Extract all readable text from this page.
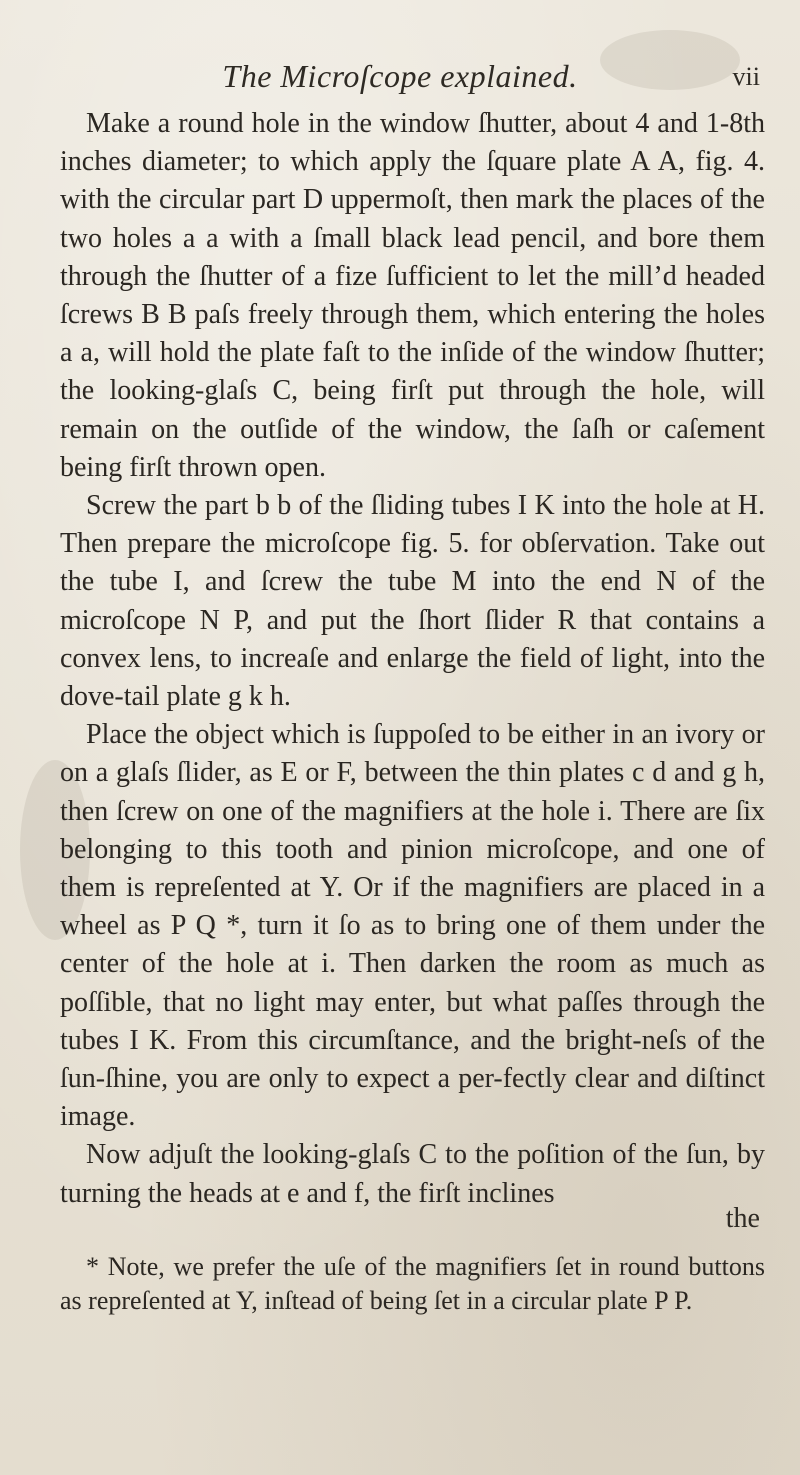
The Microſcope explained.	vii

Make a round hole in the window ſhutter, about 4 and 1-8th inches diameter; to which apply the ſquare plate A A, fig. 4. with the circular part D uppermoſt, then mark the places of the two holes a a with a ſmall black lead pencil, and bore them through the ſhutter of a fize ſufficient to let the mill’d headed ſcrews B B paſs freely through them, which entering the holes a a, will hold the plate faſt to the inſide of the window ſhutter; the looking-glaſs C, being firſt put through the hole, will remain on the outſide of the window, the ſaſh or caſement being firſt thrown open.

Screw the part b b of the ſliding tubes I K into the hole at H. Then prepare the microſcope fig. 5. for obſervation. Take out the tube I, and ſcrew the tube M into the end N of the microſcope N P, and put the ſhort ſlider R that contains a convex lens, to increaſe and enlarge the field of light, into the dove-tail plate g k h.

Place the object which is ſuppoſed to be either in an ivory or on a glaſs ſlider, as E or F, between the thin plates c d and g h, then ſcrew on one of the magnifiers at the hole i. There are ſix belonging to this tooth and pinion microſcope, and one of them is repreſented at Y. Or if the magnifiers are placed in a wheel as P Q *, turn it ſo as to bring one of them under the center of the hole at i. Then darken the room as much as poſſible, that no light may enter, but what paſſes through the tubes I K. From this circumſtance, and the bright-neſs of the ſun-ſhine, you are only to expect a per-fectly clear and diſtinct image.

Now adjuſt the looking-glaſs C to the poſition of the ſun, by turning the heads at e and f, the firſt inclines

the

* Note, we prefer the uſe of the magnifiers ſet in round buttons as repreſented at Y, inſtead of being ſet in a circular plate P P.
